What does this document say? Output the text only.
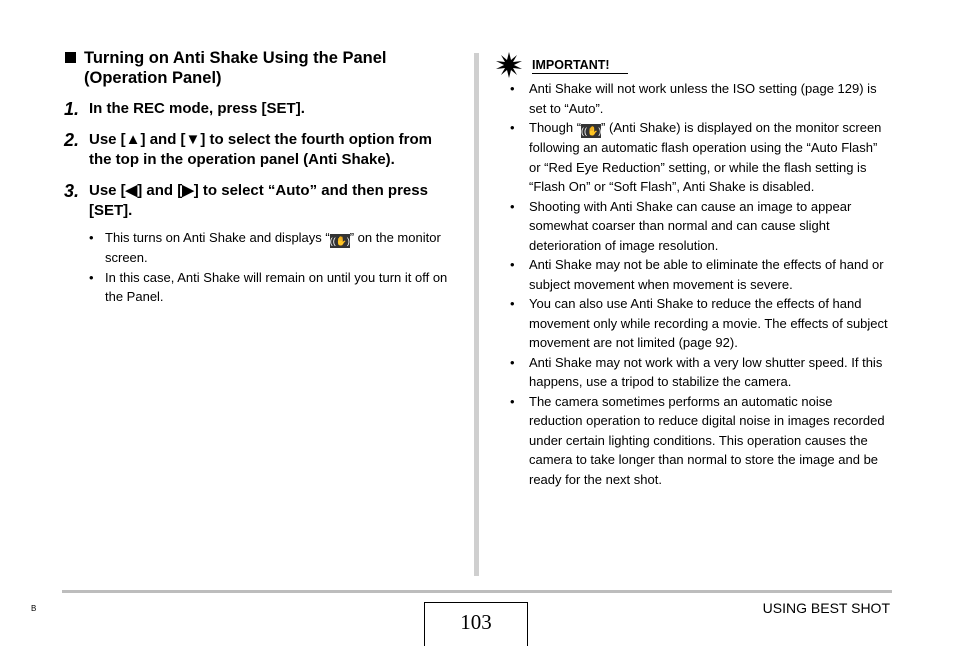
Turning on Anti Shake Using the Panel (Operation Panel)
1. In the REC mode, press [SET].
2. Use [▲] and [▼] to select the fourth option from the top in the operation panel (Anti Shake).
3. Use [◀] and [▶] to select “Auto” and then press [SET].
• This turns on Anti Shake and displays “((✋))” on the monitor screen.
• In this case, Anti Shake will remain on until you turn it off on the Panel.
IMPORTANT!
• Anti Shake will not work unless the ISO setting (page 129) is set to “Auto”.
• Though “((✋))” (Anti Shake) is displayed on the monitor screen following an automatic flash operation using the “Auto Flash” or “Red Eye Reduction” setting, or while the flash setting is “Flash On” or “Soft Flash”, Anti Shake is disabled.
• Shooting with Anti Shake can cause an image to appear somewhat coarser than normal and can cause slight deterioration of image resolution.
• Anti Shake may not be able to eliminate the effects of hand or subject movement when movement is severe.
• You can also use Anti Shake to reduce the effects of hand movement only while recording a movie. The effects of subject movement are not limited (page 92).
• Anti Shake may not work with a very low shutter speed. If this happens, use a tripod to stabilize the camera.
• The camera sometimes performs an automatic noise reduction operation to reduce digital noise in images recorded under certain lighting conditions. This operation causes the camera to take longer than normal to store the image and be ready for the next shot.
B
103
USING BEST SHOT
